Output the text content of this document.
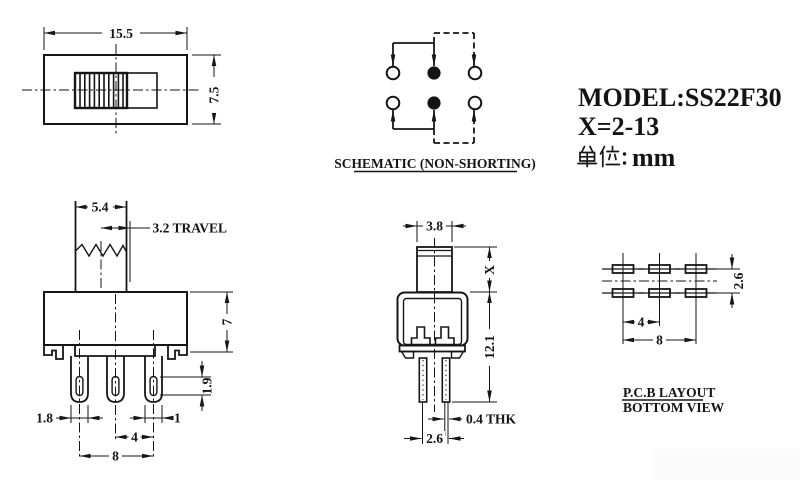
15.5
7.5
SCHEMATIC (NON-SHORTING)
MODEL:SS22F30
X=2-13
mm
5.4
3.2 TRAVEL
7
1.9
1.8	1
4
8
3.8
X
12.1
0.4 THK
2.6
2.6
4
8
P.C.B LAYOUT
BOTTOM VIEW
